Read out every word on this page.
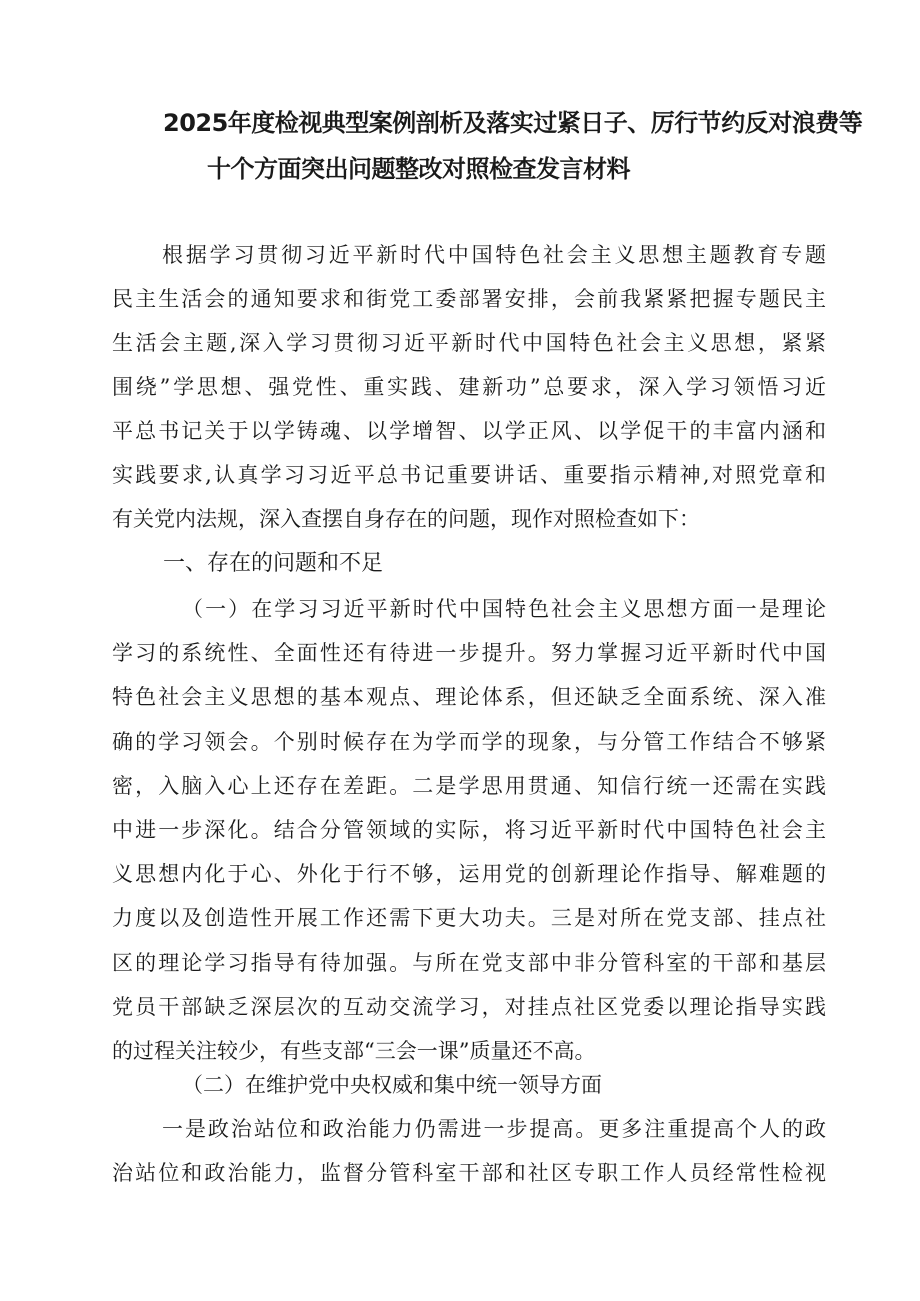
2025年度检视典型案例剖析及落实过紧日子、厉行节约反对浪费等
十个方面突出问题整改对照检查发言材料
根据学习贯彻习近平新时代中国特色社会主义思想主题教育专题
民主生活会的通知要求和街党工委部署安排，会前我紧紧把握专题民主
生活会主题,深入学习贯彻习近平新时代中国特色社会主义思想，紧紧
围绕”学思想、强党性、重实践、建新功”总要求，深入学习领悟习近
平总书记关于以学铸魂、以学增智、以学正风、以学促干的丰富内涵和
实践要求,认真学习习近平总书记重要讲话、重要指示精神,对照党章和
有关党内法规，深入查摆自身存在的问题，现作对照检查如下：
一、存在的问题和不足
（一）在学习习近平新时代中国特色社会主义思想方面一是理论
学习的系统性、全面性还有待进一步提升。努力掌握习近平新时代中国
特色社会主义思想的基本观点、理论体系，但还缺乏全面系统、深入准
确的学习领会。个别时候存在为学而学的现象，与分管工作结合不够紧
密，入脑入心上还存在差距。二是学思用贯通、知信行统一还需在实践
中进一步深化。结合分管领域的实际，将习近平新时代中国特色社会主
义思想内化于心、外化于行不够，运用党的创新理论作指导、解难题的
力度以及创造性开展工作还需下更大功夫。三是对所在党支部、挂点社
区的理论学习指导有待加强。与所在党支部中非分管科室的干部和基层
党员干部缺乏深层次的互动交流学习，对挂点社区党委以理论指导实践
的过程关注较少，有些支部“三会一课”质量还不高。
（二）在维护党中央权威和集中统一领导方面
一是政治站位和政治能力仍需进一步提高。更多注重提高个人的政
治站位和政治能力，监督分管科室干部和社区专职工作人员经常性检视
